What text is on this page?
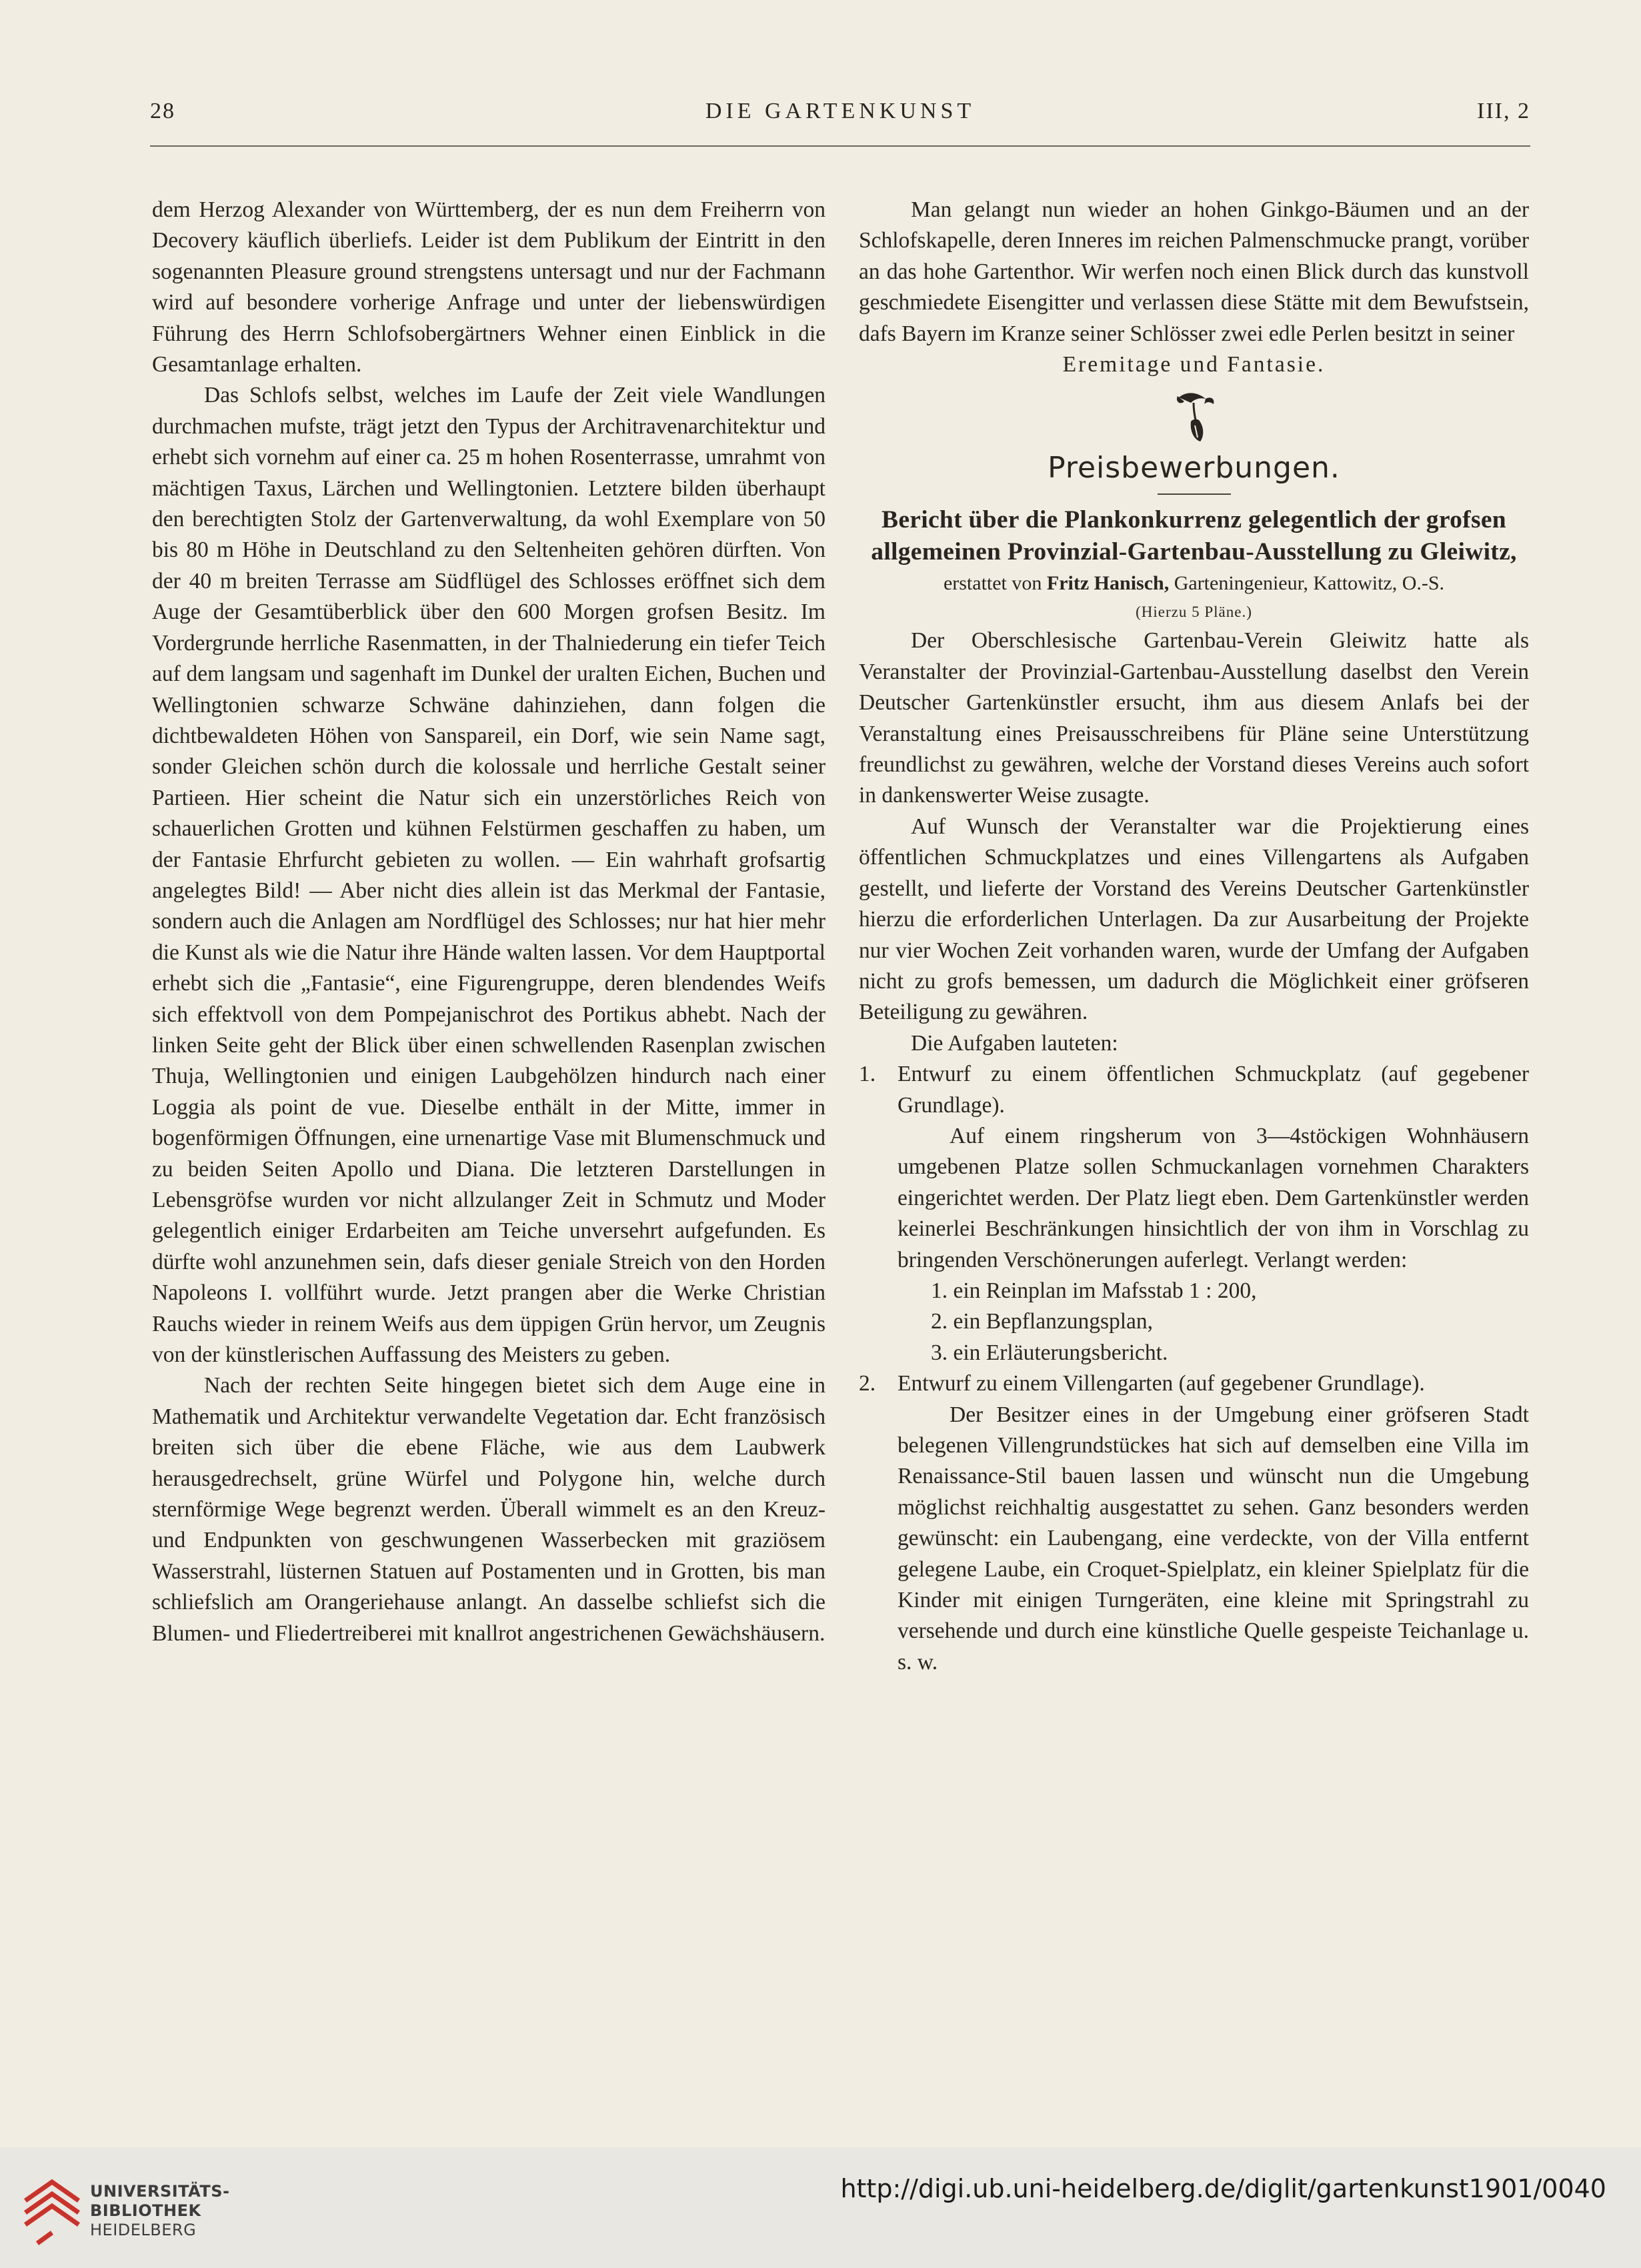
28	DIE GARTENKUNST	III, 2

dem Herzog Alexander von Württemberg, der es nun dem Freiherrn von Decovery käuflich überliefs. Leider ist dem Publikum der Eintritt in den sogenannten Pleasure ground strengstens untersagt und nur der Fachmann wird auf besondere vorherige Anfrage und unter der liebenswürdigen Führung des Herrn Schlofsobergärtners Wehner einen Einblick in die Gesamtanlage erhalten.

Das Schlofs selbst, welches im Laufe der Zeit viele Wandlungen durchmachen mufste, trägt jetzt den Typus der Architravenarchitektur und erhebt sich vornehm auf einer ca. 25 m hohen Rosenterrasse, umrahmt von mächtigen Taxus, Lärchen und Wellingtonien. Letztere bilden überhaupt den berechtigten Stolz der Gartenverwaltung, da wohl Exemplare von 50 bis 80 m Höhe in Deutschland zu den Seltenheiten gehören dürften. Von der 40 m breiten Terrasse am Südflügel des Schlosses eröffnet sich dem Auge der Gesamtüberblick über den 600 Morgen grofsen Besitz. Im Vordergrunde herrliche Rasenmatten, in der Thalniederung ein tiefer Teich auf dem langsam und sagenhaft im Dunkel der uralten Eichen, Buchen und Wellingtonien schwarze Schwäne dahinziehen, dann folgen die dichtbewaldeten Höhen von Sanspareil, ein Dorf, wie sein Name sagt, sonder Gleichen schön durch die kolossale und herrliche Gestalt seiner Partieen. Hier scheint die Natur sich ein unzerstörliches Reich von schauerlichen Grotten und kühnen Felstürmen geschaffen zu haben, um der Fantasie Ehrfurcht gebieten zu wollen. — Ein wahrhaft grofsartig angelegtes Bild! — Aber nicht dies allein ist das Merkmal der Fantasie, sondern auch die Anlagen am Nordflügel des Schlosses; nur hat hier mehr die Kunst als wie die Natur ihre Hände walten lassen. Vor dem Hauptportal erhebt sich die „Fantasie“, eine Figurengruppe, deren blendendes Weifs sich effektvoll von dem Pompejanischrot des Portikus abhebt. Nach der linken Seite geht der Blick über einen schwellenden Rasenplan zwischen Thuja, Wellingtonien und einigen Laubgehölzen hindurch nach einer Loggia als point de vue. Dieselbe enthält in der Mitte, immer in bogenförmigen Öffnungen, eine urnenartige Vase mit Blumenschmuck und zu beiden Seiten Apollo und Diana. Die letzteren Darstellungen in Lebensgröfse wurden vor nicht allzulanger Zeit in Schmutz und Moder gelegentlich einiger Erdarbeiten am Teiche unversehrt aufgefunden. Es dürfte wohl anzunehmen sein, dafs dieser geniale Streich von den Horden Napoleons I. vollführt wurde. Jetzt prangen aber die Werke Christian Rauchs wieder in reinem Weifs aus dem üppigen Grün hervor, um Zeugnis von der künstlerischen Auffassung des Meisters zu geben.

Nach der rechten Seite hingegen bietet sich dem Auge eine in Mathematik und Architektur verwandelte Vegetation dar. Echt französisch breiten sich über die ebene Fläche, wie aus dem Laubwerk herausgedrechselt, grüne Würfel und Polygone hin, welche durch sternförmige Wege begrenzt werden. Überall wimmelt es an den Kreuz- und Endpunkten von geschwungenen Wasserbecken mit graziösem Wasserstrahl, lüsternen Statuen auf Postamenten und in Grotten, bis man schliefslich am Orangeriehause anlangt. An dasselbe schliefst sich die Blumen- und Fliedertreiberei mit knallrot angestrichenen Gewächshäusern.

Man gelangt nun wieder an hohen Ginkgo-Bäumen und an der Schlofskapelle, deren Inneres im reichen Palmenschmucke prangt, vorüber an das hohe Gartenthor. Wir werfen noch einen Blick durch das kunstvoll geschmiedete Eisengitter und verlassen diese Stätte mit dem Bewufstsein, dafs Bayern im Kranze seiner Schlösser zwei edle Perlen besitzt in seiner

Eremitage und Fantasie.

Preisbewerbungen.
Bericht über die Plankonkurrenz gelegentlich der grofsen allgemeinen Provinzial-Gartenbau-Ausstellung zu Gleiwitz,
erstattet von Fritz Hanisch, Garteningenieur, Kattowitz, O.-S.
(Hierzu 5 Pläne.)

Der Oberschlesische Gartenbau-Verein Gleiwitz hatte als Veranstalter der Provinzial-Gartenbau-Ausstellung daselbst den Verein Deutscher Gartenkünstler ersucht, ihm aus diesem Anlafs bei der Veranstaltung eines Preisausschreibens für Pläne seine Unterstützung freundlichst zu gewähren, welche der Vorstand dieses Vereins auch sofort in dankenswerter Weise zusagte.

Auf Wunsch der Veranstalter war die Projektierung eines öffentlichen Schmuckplatzes und eines Villengartens als Aufgaben gestellt, und lieferte der Vorstand des Vereins Deutscher Gartenkünstler hierzu die erforderlichen Unterlagen. Da zur Ausarbeitung der Projekte nur vier Wochen Zeit vorhanden waren, wurde der Umfang der Aufgaben nicht zu grofs bemessen, um dadurch die Möglichkeit einer gröfseren Beteiligung zu gewähren.

Die Aufgaben lauteten:

1. Entwurf zu einem öffentlichen Schmuckplatz (auf gegebener Grundlage).

Auf einem ringsherum von 3—4stöckigen Wohnhäusern umgebenen Platze sollen Schmuckanlagen vornehmen Charakters eingerichtet werden. Der Platz liegt eben. Dem Gartenkünstler werden keinerlei Beschränkungen hinsichtlich der von ihm in Vorschlag zu bringenden Verschönerungen auferlegt. Verlangt werden:

1. ein Reinplan im Mafsstab 1 : 200,
2. ein Bepflanzungsplan,
3. ein Erläuterungsbericht.
2. Entwurf zu einem Villengarten (auf gegebener Grundlage).

Der Besitzer eines in der Umgebung einer gröfseren Stadt belegenen Villengrundstückes hat sich auf demselben eine Villa im Renaissance-Stil bauen lassen und wünscht nun die Umgebung möglichst reichhaltig ausgestattet zu sehen. Ganz besonders werden gewünscht: ein Laubengang, eine verdeckte, von der Villa entfernt gelegene Laube, ein Croquet-Spielplatz, ein kleiner Spielplatz für die Kinder mit einigen Turngeräten, eine kleine mit Springstrahl zu versehende und durch eine künstliche Quelle gespeiste Teichanlage u. s. w.

UNIVERSITÄTS-
BIBLIOTHEK
HEIDELBERG
http://digi.ub.uni-heidelberg.de/diglit/gartenkunst1901/0040
